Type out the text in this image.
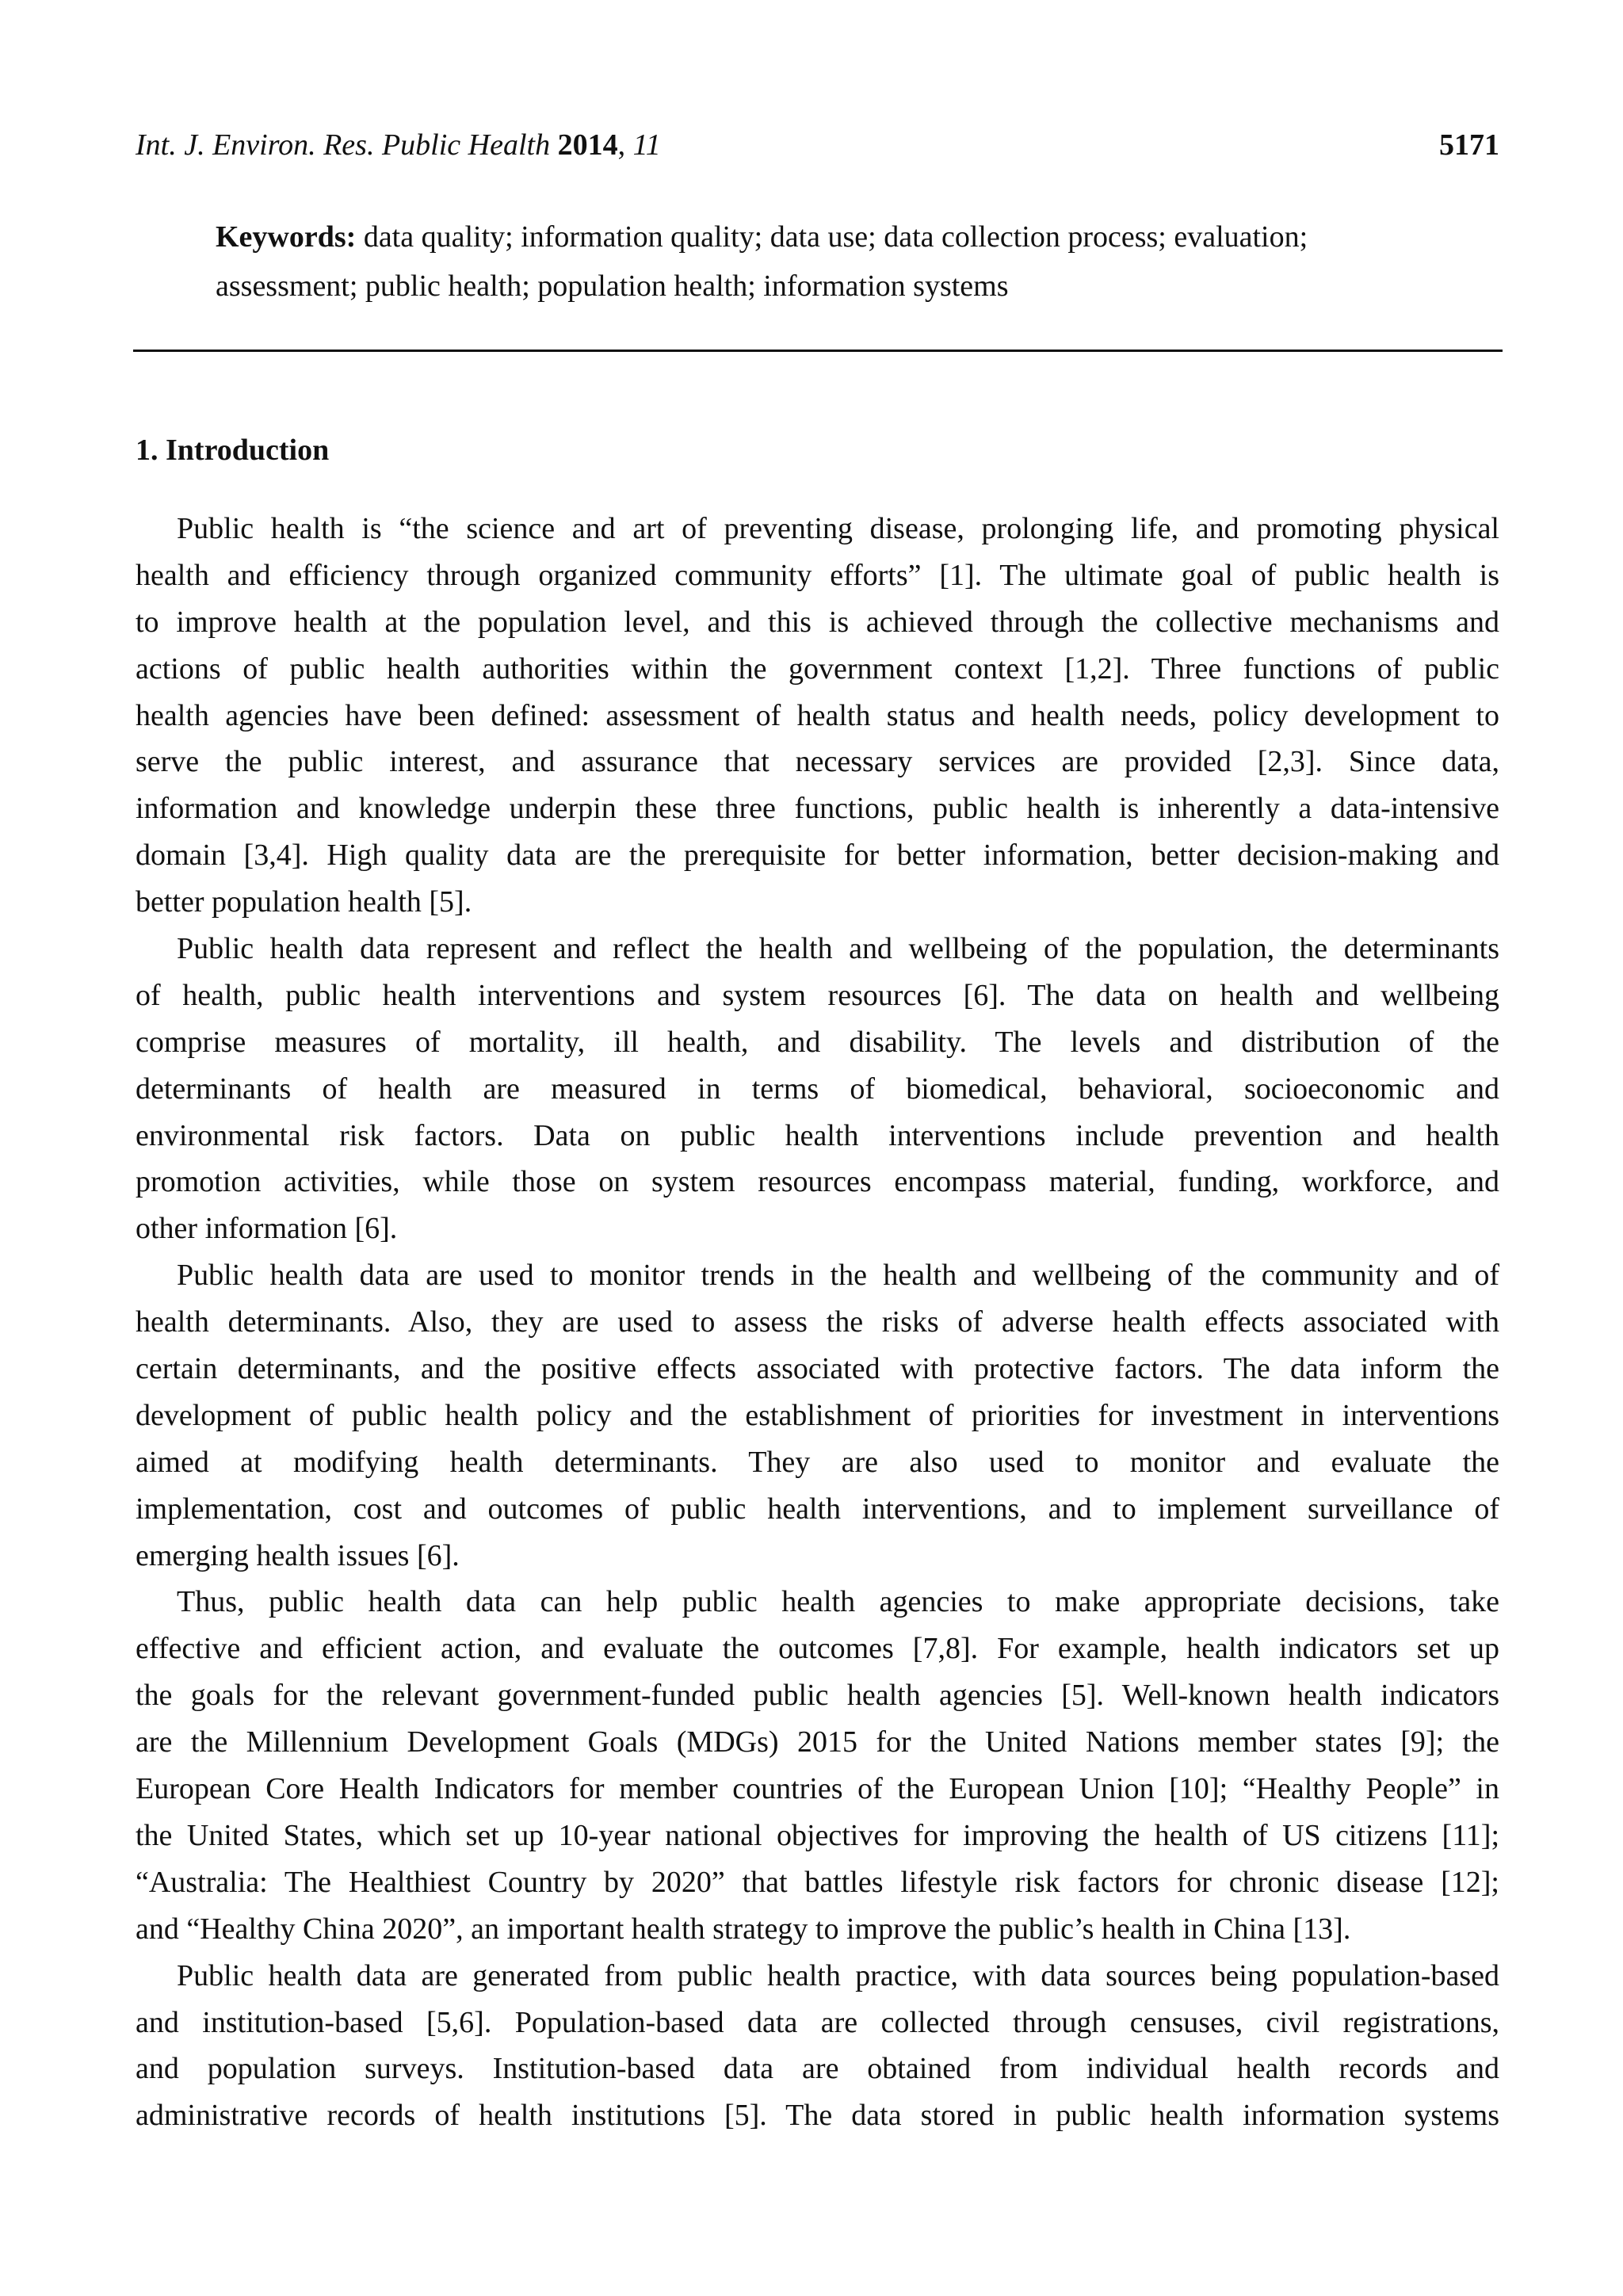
Int. J. Environ. Res. Public Health 2014, 11	5171
Keywords: data quality; information quality; data use; data collection process; evaluation;
assessment; public health; population health; information systems
1. Introduction
Public health is “the science and art of preventing disease, prolonging life, and promoting physical
health and efficiency through organized community efforts” [1]. The ultimate goal of public health is
to improve health at the population level, and this is achieved through the collective mechanisms and
actions of public health authorities within the government context [1,2]. Three functions of public
health agencies have been defined: assessment of health status and health needs, policy development to
serve the public interest, and assurance that necessary services are provided [2,3]. Since data,
information and knowledge underpin these three functions, public health is inherently a data-intensive
domain [3,4]. High quality data are the prerequisite for better information, better decision-making and
better population health [5].
Public health data represent and reflect the health and wellbeing of the population, the determinants
of health, public health interventions and system resources [6]. The data on health and wellbeing
comprise measures of mortality, ill health, and disability. The levels and distribution of the
determinants of health are measured in terms of biomedical, behavioral, socioeconomic and
environmental risk factors. Data on public health interventions include prevention and health
promotion activities, while those on system resources encompass material, funding, workforce, and
other information [6].
Public health data are used to monitor trends in the health and wellbeing of the community and of
health determinants. Also, they are used to assess the risks of adverse health effects associated with
certain determinants, and the positive effects associated with protective factors. The data inform the
development of public health policy and the establishment of priorities for investment in interventions
aimed at modifying health determinants. They are also used to monitor and evaluate the
implementation, cost and outcomes of public health interventions, and to implement surveillance of
emerging health issues [6].
Thus, public health data can help public health agencies to make appropriate decisions, take
effective and efficient action, and evaluate the outcomes [7,8]. For example, health indicators set up
the goals for the relevant government-funded public health agencies [5]. Well-known health indicators
are the Millennium Development Goals (MDGs) 2015 for the United Nations member states [9]; the
European Core Health Indicators for member countries of the European Union [10]; “Healthy People” in
the United States, which set up 10-year national objectives for improving the health of US citizens [11];
“Australia: The Healthiest Country by 2020” that battles lifestyle risk factors for chronic disease [12];
and “Healthy China 2020”, an important health strategy to improve the public’s health in China [13].
Public health data are generated from public health practice, with data sources being population-based
and institution-based [5,6]. Population-based data are collected through censuses, civil registrations,
and population surveys. Institution-based data are obtained from individual health records and
administrative records of health institutions [5]. The data stored in public health information systems
